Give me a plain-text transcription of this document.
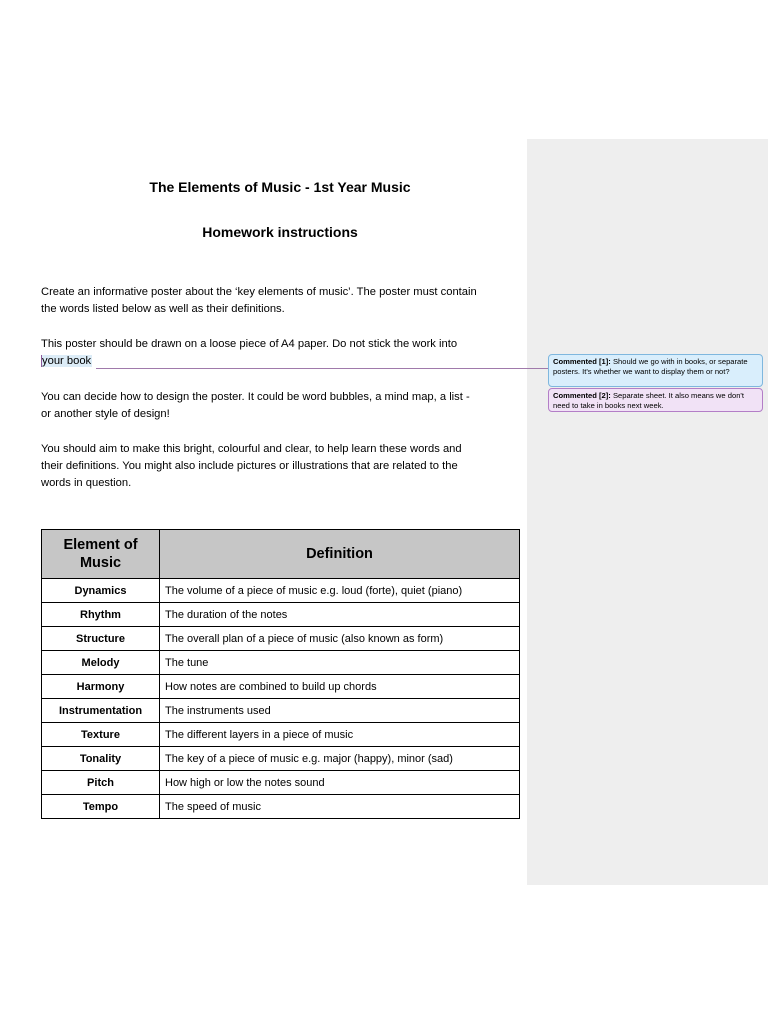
The Elements of Music - 1st Year Music
Homework instructions
Create an informative poster about the ‘key elements of music’. The poster must contain
the words listed below as well as their definitions.
This poster should be drawn on a loose piece of A4 paper. Do not stick the work into
your book	Commented [1]: Should we go with in books, or separate posters. It's whether we want to display them or not?
Commented [2]: Separate sheet. It also means we don't need to take in books next week.
You can decide how to design the poster. It could be word bubbles, a mind map, a list -
or another style of design!
You should aim to make this bright, colourful and clear, to help learn these words and
their definitions. You might also include pictures or illustrations that are related to the
words in question.
Element of Music	Definition
Dynamics	The volume of a piece of music e.g. loud (forte), quiet (piano)
Rhythm	The duration of the notes
Structure	The overall plan of a piece of music (also known as form)
Melody	The tune
Harmony	How notes are combined to build up chords
Instrumentation	The instruments used
Texture	The different layers in a piece of music
Tonality	The key of a piece of music e.g. major (happy), minor (sad)
Pitch	How high or low the notes sound
Tempo	The speed of music
